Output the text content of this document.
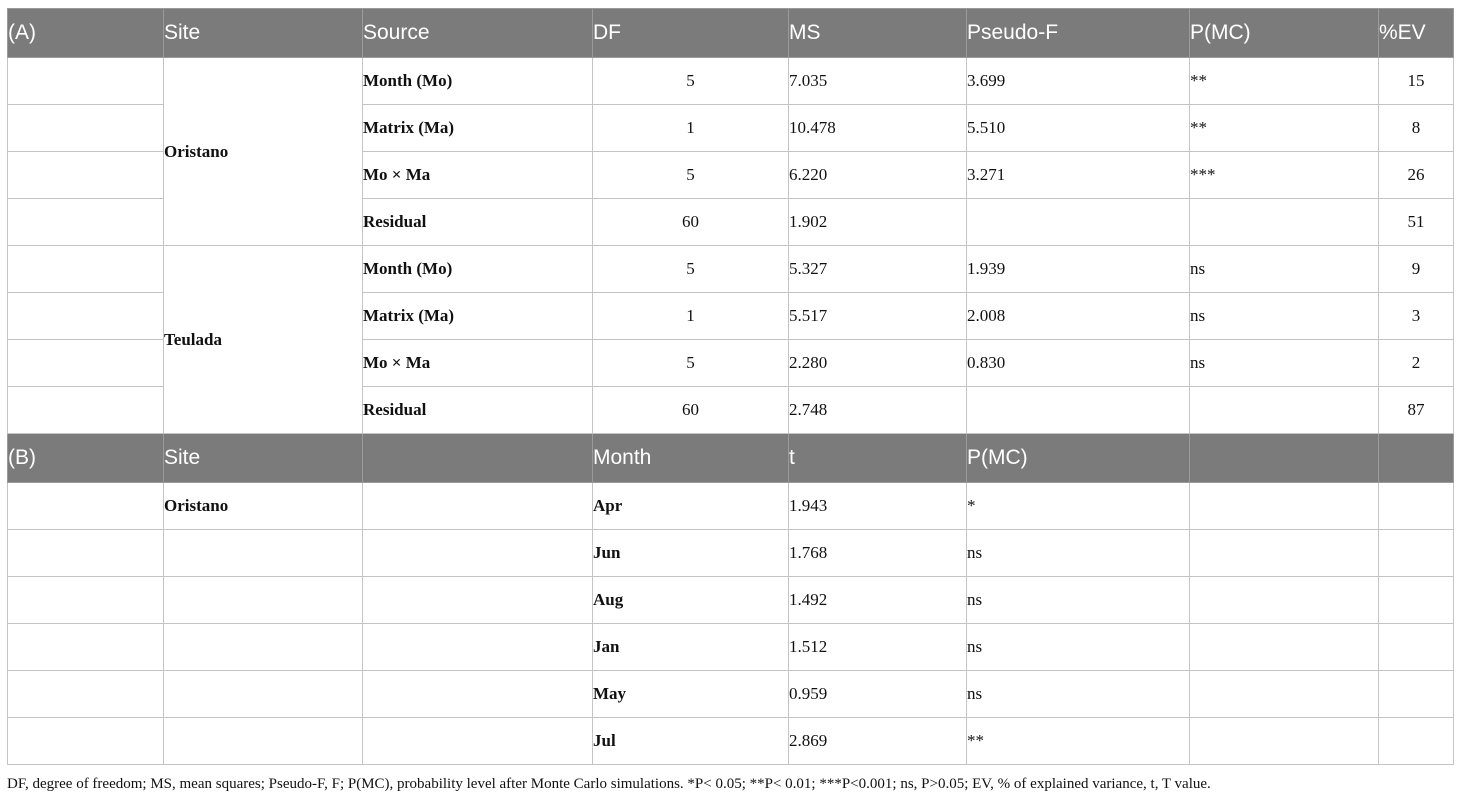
(A)	Site	Source	DF	MS	Pseudo-F	P(MC)	%EV

	Oristano	Month (Mo)	5	7.035	3.699	**	15
		Matrix (Ma)	1	10.478	5.510	**	8
		Mo × Ma	5	6.220	3.271	***	26
		Residual	60	1.902			51
	Teulada	Month (Mo)	5	5.327	1.939	ns	9
		Matrix (Ma)	1	5.517	2.008	ns	3
		Mo × Ma	5	2.280	0.830	ns	2
		Residual	60	2.748			87

(B)	Site		Month	t	P(MC)		

	Oristano		Apr	1.943	*		
			Jun	1.768	ns		
			Aug	1.492	ns		
			Jan	1.512	ns		
			May	0.959	ns		
			Jul	2.869	**		
DF, degree of freedom; MS, mean squares; Pseudo-F, F; P(MC), probability level after Monte Carlo simulations. *P< 0.05; **P< 0.01; ***P<0.001; ns, P>0.05; EV, % of explained variance, t, T value.
